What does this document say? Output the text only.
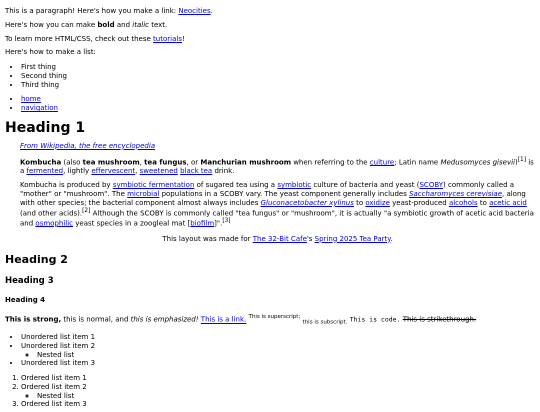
This is a paragraph! Here's how you make a link: Neocities.

Here's how you can make bold and italic text.

To learn more HTML/CSS, check out these tutorials!

Here's how to make a list:

• First thing
• Second thing
• Third thing
• home
• navigation
Heading 1

From Wikipedia, the free encyclopedia

Kombucha (also tea mushroom, tea fungus, or Manchurian mushroom when referring to the culture; Latin name Medusomyces gisevii)[1] is a fermented, lightly effervescent, sweetened black tea drink.

Kombucha is produced by symbiotic fermentation of sugared tea using a symbiotic culture of bacteria and yeast (SCOBY) commonly called a "mother" or "mushroom". The microbial populations in a SCOBY vary. The yeast component generally includes Saccharomyces cerevisiae, along with other species; the bacterial component almost always includes Gluconacetobacter xylinus to oxidize yeast-produced alcohols to acetic acid (and other acids).[2] Although the SCOBY is commonly called "tea fungus" or "mushroom", it is actually "a symbiotic growth of acetic acid bacteria and osmophilic yeast species in a zoogleal mat [biofilm]".[3]

This layout was made for The 32-Bit Cafe's Spring 2025 Tea Party.

Heading 2
Heading 3
Heading 4

This is strong, this is normal, and this is emphasized! This is a link. $^{This is superscript;}$ $_{this is subscript.}$ This is code. This is strikethrough.

• Unordered list item 1
• Unordered list item 2
◦ Nested list
• Unordered list item 3
1. Ordered list item 1
2. Ordered list item 2
◦ Nested list
3. Ordered list item 3
